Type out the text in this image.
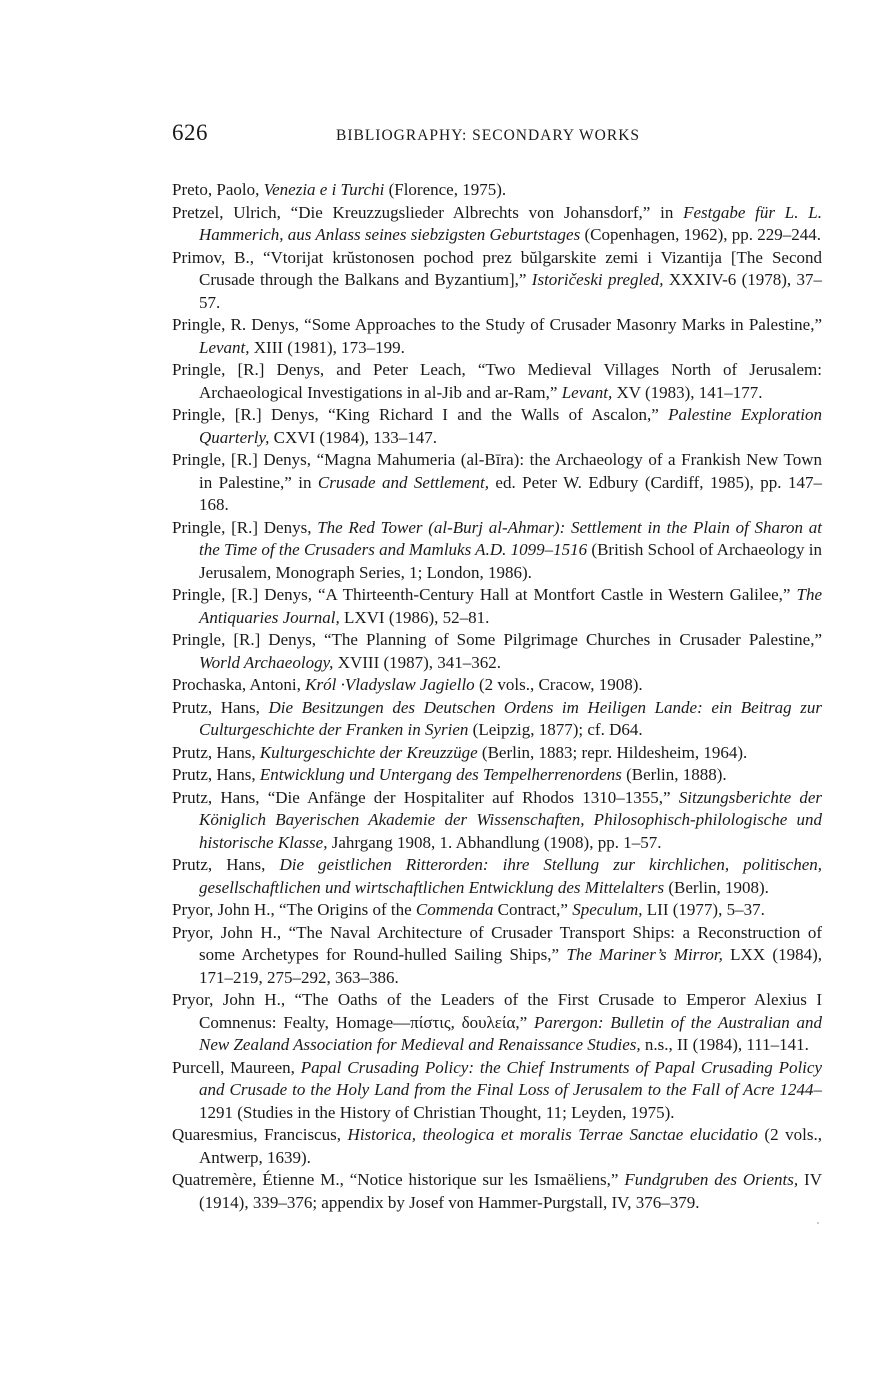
626	BIBLIOGRAPHY: SECONDARY WORKS
Preto, Paolo, Venezia e i Turchi (Florence, 1975).
Pretzel, Ulrich, “Die Kreuzzugslieder Albrechts von Johansdorf,” in Festgabe für L. L. Hammerich, aus Anlass seines siebzigsten Geburtstages (Copenhagen, 1962), pp. 229–244.
Primov, B., “Vtorijat krŭstonosen pochod prez bŭlgarskite zemi i Vizantija [The Second Crusade through the Balkans and Byzantium],” Istoričeski pregled, XXXIV-6 (1978), 37–57.
Pringle, R. Denys, “Some Approaches to the Study of Crusader Masonry Marks in Palestine,” Levant, XIII (1981), 173–199.
Pringle, [R.] Denys, and Peter Leach, “Two Medieval Villages North of Jerusalem: Archaeological Investigations in al-Jib and ar-Ram,” Levant, XV (1983), 141–177.
Pringle, [R.] Denys, “King Richard I and the Walls of Ascalon,” Palestine Exploration Quarterly, CXVI (1984), 133–147.
Pringle, [R.] Denys, “Magna Mahumeria (al-Bīra): the Archaeology of a Frankish New Town in Palestine,” in Crusade and Settlement, ed. Peter W. Edbury (Cardiff, 1985), pp. 147–168.
Pringle, [R.] Denys, The Red Tower (al-Burj al-Ahmar): Settlement in the Plain of Sharon at the Time of the Crusaders and Mamluks A.D. 1099–1516 (British School of Archaeology in Jerusalem, Monograph Series, 1; London, 1986).
Pringle, [R.] Denys, “A Thirteenth-Century Hall at Montfort Castle in Western Galilee,” The Antiquaries Journal, LXVI (1986), 52–81.
Pringle, [R.] Denys, “The Planning of Some Pilgrimage Churches in Crusader Palestine,” World Archaeology, XVIII (1987), 341–362.
Prochaska, Antoni, Król ·Vladyslaw Jagiello (2 vols., Cracow, 1908).
Prutz, Hans, Die Besitzungen des Deutschen Ordens im Heiligen Lande: ein Beitrag zur Culturgeschichte der Franken in Syrien (Leipzig, 1877); cf. D64.
Prutz, Hans, Kulturgeschichte der Kreuzzüge (Berlin, 1883; repr. Hildesheim, 1964).
Prutz, Hans, Entwicklung und Untergang des Tempelherrenordens (Berlin, 1888).
Prutz, Hans, “Die Anfänge der Hospitaliter auf Rhodos 1310–1355,” Sitzungsberichte der Königlich Bayerischen Akademie der Wissenschaften, Philosophisch-philologische und historische Klasse, Jahrgang 1908, 1. Abhandlung (1908), pp. 1–57.
Prutz, Hans, Die geistlichen Ritterorden: ihre Stellung zur kirchlichen, politischen, gesellschaftlichen und wirtschaftlichen Entwicklung des Mittelalters (Berlin, 1908).
Pryor, John H., “The Origins of the Commenda Contract,” Speculum, LII (1977), 5–37.
Pryor, John H., “The Naval Architecture of Crusader Transport Ships: a Reconstruction of some Archetypes for Round-hulled Sailing Ships,” The Mariner’s Mirror, LXX (1984), 171–219, 275–292, 363–386.
Pryor, John H., “The Oaths of the Leaders of the First Crusade to Emperor Alexius I Comnenus: Fealty, Homage—πίστις, δουλεία,” Parergon: Bulletin of the Australian and New Zealand Association for Medieval and Renaissance Studies, n.s., II (1984), 111–141.
Purcell, Maureen, Papal Crusading Policy: the Chief Instruments of Papal Crusading Policy and Crusade to the Holy Land from the Final Loss of Jerusalem to the Fall of Acre 1244–1291 (Studies in the History of Christian Thought, 11; Leyden, 1975).
Quaresmius, Franciscus, Historica, theologica et moralis Terrae Sanctae elucidatio (2 vols., Antwerp, 1639).
Quatremère, Étienne M., “Notice historique sur les Ismaëliens,” Fundgruben des Orients, IV (1914), 339–376; appendix by Josef von Hammer-Purgstall, IV, 376–379.
